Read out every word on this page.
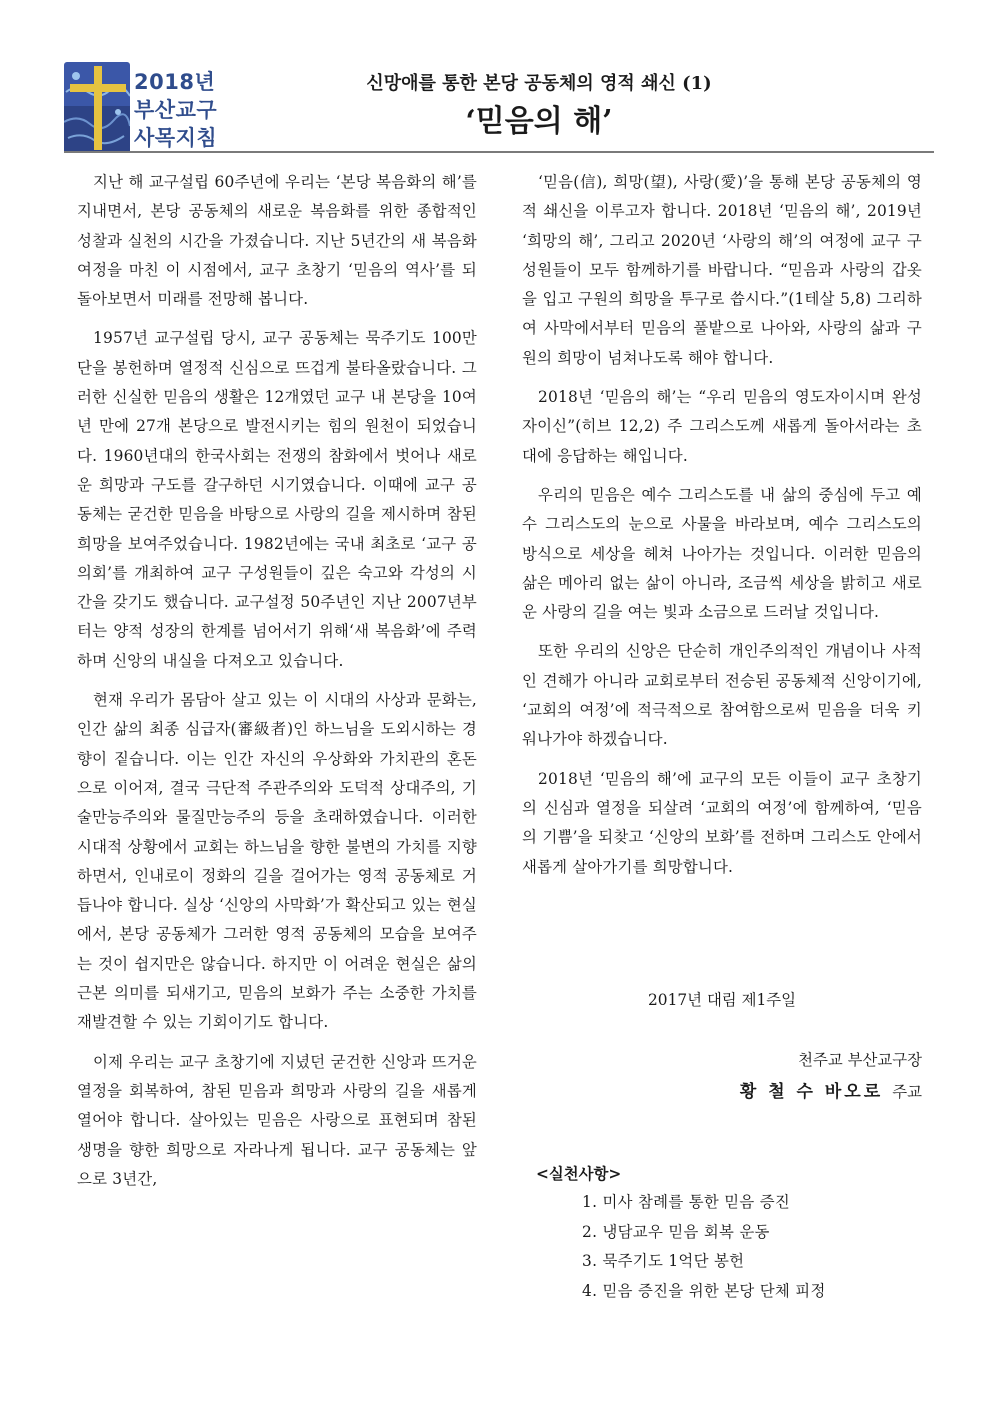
2018년
부산교구
사목지침
신망애를 통한 본당 공동체의 영적 쇄신 (1)
‘믿음의 해’

지난 해 교구설립 60주년에 우리는 ‘본당 복음화의 해’를 지내면서, 본당 공동체의 새로운 복음화를 위한 종합적인 성찰과 실천의 시간을 가졌습니다. 지난 5년간의 새 복음화 여정을 마친 이 시점에서, 교구 초창기 ‘믿음의 역사’를 되돌아보면서 미래를 전망해 봅니다.

1957년 교구설립 당시, 교구 공동체는 묵주기도 100만단을 봉헌하며 열정적 신심으로 뜨겁게 불타올랐습니다. 그러한 신실한 믿음의 생활은 12개였던 교구 내 본당을 10여년 만에 27개 본당으로 발전시키는 힘의 원천이 되었습니다. 1960년대의 한국사회는 전쟁의 참화에서 벗어나 새로운 희망과 구도를 갈구하던 시기였습니다. 이때에 교구 공동체는 굳건한 믿음을 바탕으로 사랑의 길을 제시하며 참된 희망을 보여주었습니다. 1982년에는 국내 최초로 ‘교구 공의회’를 개최하여 교구 구성원들이 깊은 숙고와 각성의 시간을 갖기도 했습니다. 교구설정 50주년인 지난 2007년부터는 양적 성장의 한계를 넘어서기 위해‘새 복음화’에 주력하며 신앙의 내실을 다져오고 있습니다.

현재 우리가 몸담아 살고 있는 이 시대의 사상과 문화는, 인간 삶의 최종 심급자(審級者)인 하느님을 도외시하는 경향이 짙습니다. 이는 인간 자신의 우상화와 가치관의 혼돈으로 이어져, 결국 극단적 주관주의와 도덕적 상대주의, 기술만능주의와 물질만능주의 등을 초래하였습니다. 이러한 시대적 상황에서 교회는 하느님을 향한 불변의 가치를 지향하면서, 인내로이 정화의 길을 걸어가는 영적 공동체로 거듭나야 합니다. 실상 ‘신앙의 사막화’가 확산되고 있는 현실에서, 본당 공동체가 그러한 영적 공동체의 모습을 보여주는 것이 쉽지만은 않습니다. 하지만 이 어려운 현실은 삶의 근본 의미를 되새기고, 믿음의 보화가 주는 소중한 가치를 재발견할 수 있는 기회이기도 합니다.

이제 우리는 교구 초창기에 지녔던 굳건한 신앙과 뜨거운 열정을 회복하여, 참된 믿음과 희망과 사랑의 길을 새롭게 열어야 합니다. 살아있는 믿음은 사랑으로 표현되며 참된 생명을 향한 희망으로 자라나게 됩니다. 교구 공동체는 앞으로 3년간,

‘믿음(信), 희망(望), 사랑(愛)’을 통해 본당 공동체의 영적 쇄신을 이루고자 합니다. 2018년 ‘믿음의 해’, 2019년 ‘희망의 해’, 그리고 2020년 ‘사랑의 해’의 여정에 교구 구성원들이 모두 함께하기를 바랍니다. “믿음과 사랑의 갑옷을 입고 구원의 희망을 투구로 씁시다.”(1테살 5,8) 그리하여 사막에서부터 믿음의 풀밭으로 나아와, 사랑의 삶과 구원의 희망이 넘쳐나도록 해야 합니다.

2018년 ‘믿음의 해’는 “우리 믿음의 영도자이시며 완성자이신”(히브 12,2) 주 그리스도께 새롭게 돌아서라는 초대에 응답하는 해입니다.

우리의 믿음은 예수 그리스도를 내 삶의 중심에 두고 예수 그리스도의 눈으로 사물을 바라보며, 예수 그리스도의 방식으로 세상을 헤쳐 나아가는 것입니다. 이러한 믿음의 삶은 메아리 없는 삶이 아니라, 조금씩 세상을 밝히고 새로운 사랑의 길을 여는 빛과 소금으로 드러날 것입니다.

또한 우리의 신앙은 단순히 개인주의적인 개념이나 사적인 견해가 아니라 교회로부터 전승된 공동체적 신앙이기에, ‘교회의 여정’에 적극적으로 참여함으로써 믿음을 더욱 키워나가야 하겠습니다.

2018년 ‘믿음의 해’에 교구의 모든 이들이 교구 초창기의 신심과 열정을 되살려 ‘교회의 여정’에 함께하여, ‘믿음의 기쁨’을 되찾고 ‘신앙의 보화’를 전하며 그리스도 안에서 새롭게 살아가기를 희망합니다.

2017년 대림 제1주일
천주교 부산교구장
황 철 수 바오로 주교
<실천사항>
1. 미사 참례를 통한 믿음 증진
2. 냉담교우 믿음 회복 운동
3. 묵주기도 1억단 봉헌
4. 믿음 증진을 위한 본당 단체 피정
